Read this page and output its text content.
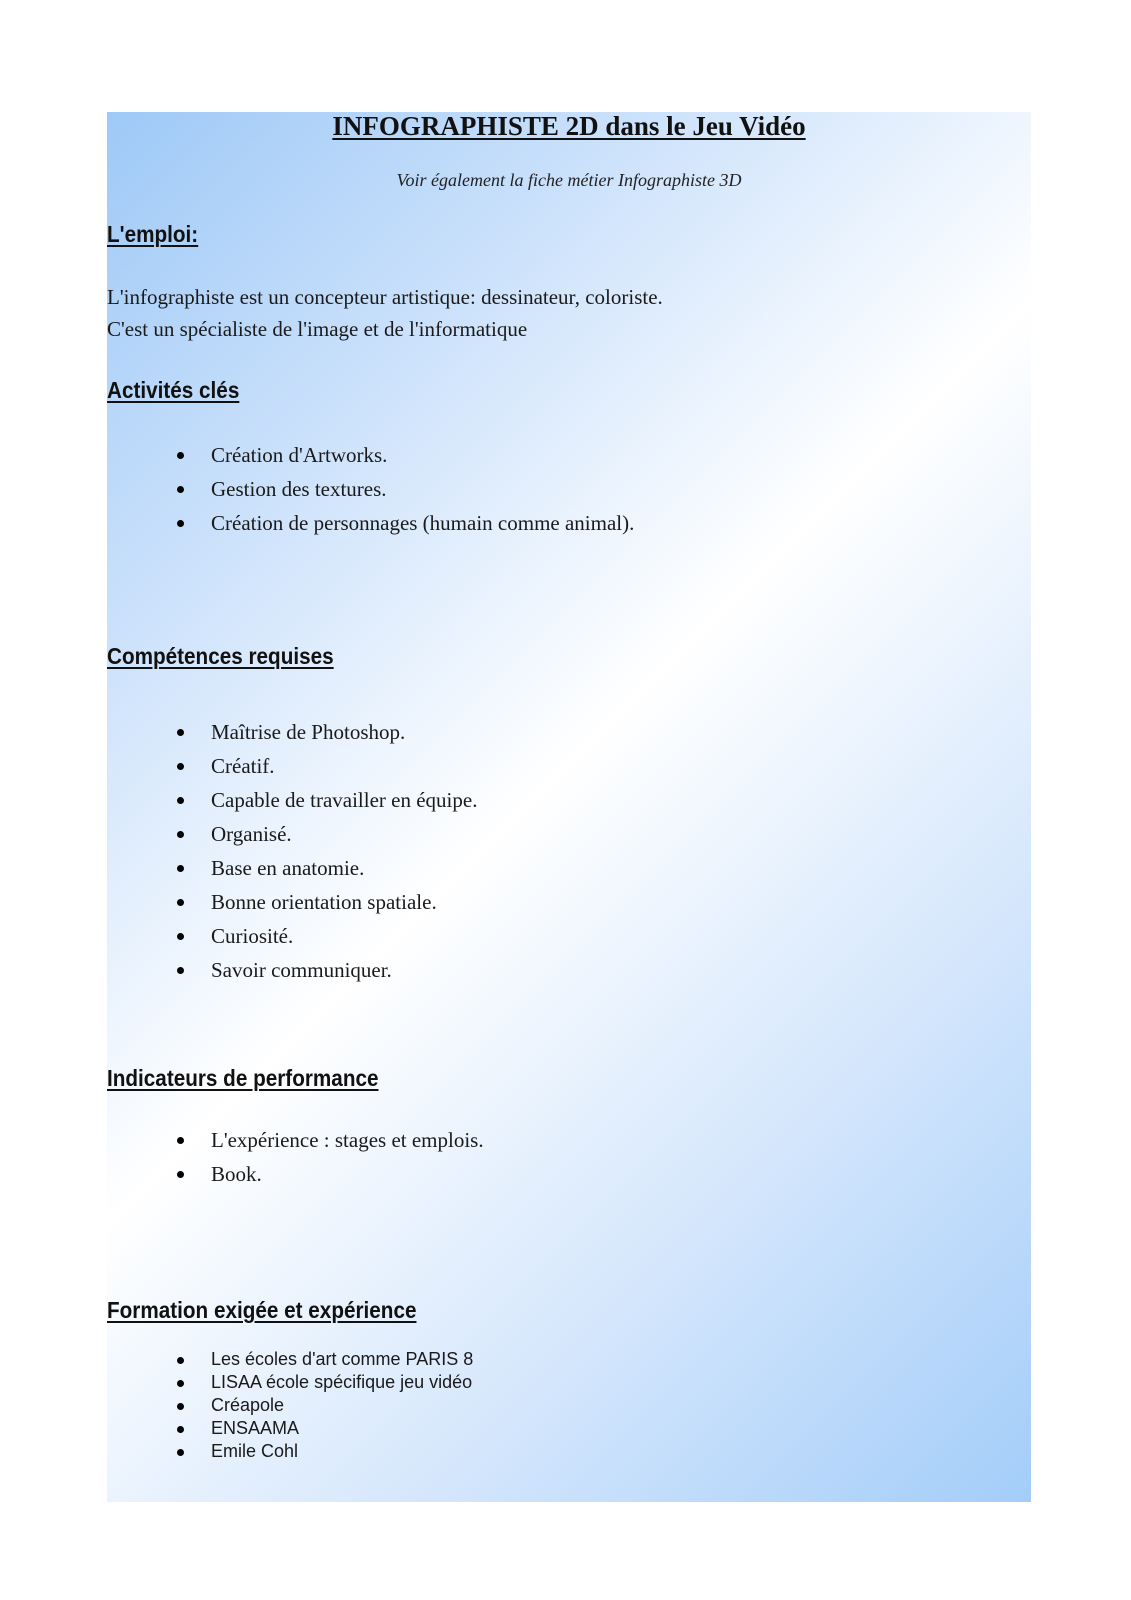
INFOGRAPHISTE 2D dans le Jeu Vidéo

Voir également la fiche métier Infographiste 3D

L'emploi:
L'infographiste est un concepteur artistique: dessinateur, coloriste.
C'est un spécialiste de l'image et de l'informatique
Activités clés
Création d'Artworks.
Gestion des textures.
Création de personnages (humain comme animal).
Compétences requises
Maîtrise de Photoshop.
Créatif.
Capable de travailler en équipe.
Organisé.
Base en anatomie.
Bonne orientation spatiale.
Curiosité.
Savoir communiquer.
Indicateurs de performance
L'expérience : stages et emplois.
Book.
Formation exigée et expérience
Les écoles d'art comme PARIS 8
LISAA école spécifique jeu vidéo
Créapole
ENSAAMA
Emile Cohl
